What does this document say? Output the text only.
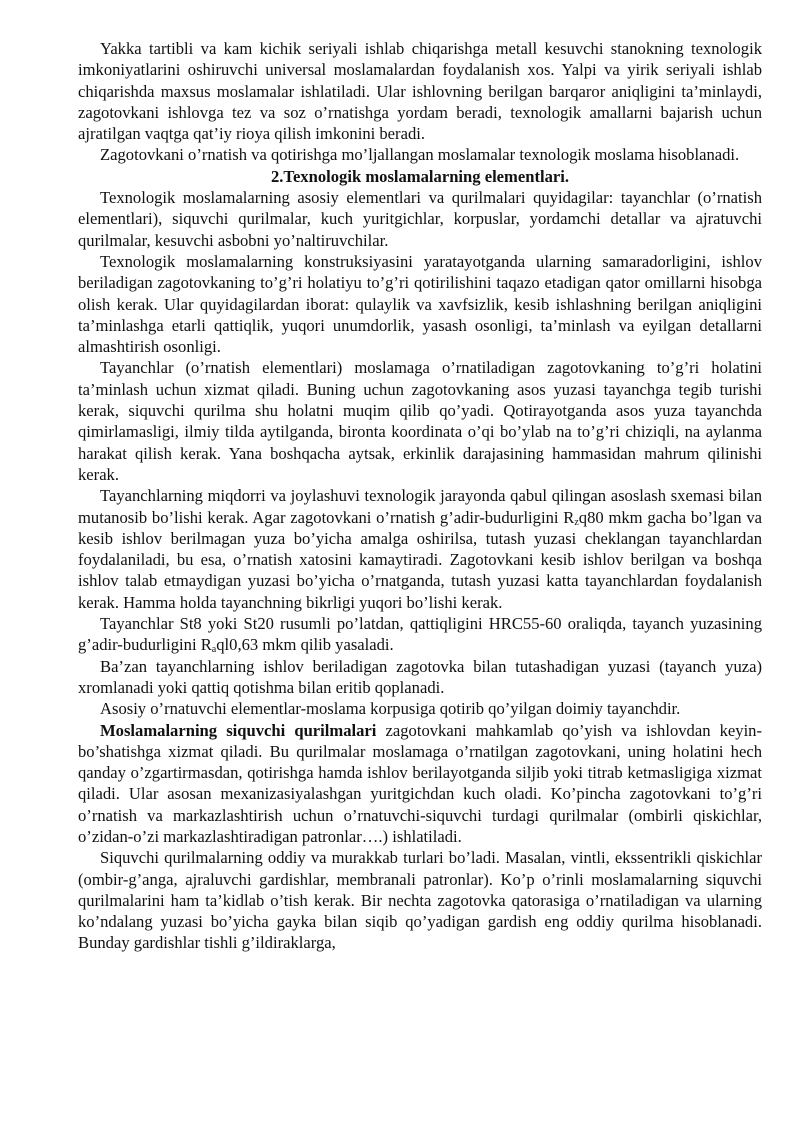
Yakka tartibli va kam kichik seriyali ishlab chiqarishga metall kesuvchi stanokning texnologik imkoniyatlarini oshiruvchi universal moslamalardan foydalanish xos. Yalpi va yirik seriyali ishlab chiqarishda maxsus moslamalar ishlatiladi. Ular ishlovning berilgan barqaror aniqligini ta’minlaydi, zagotovkani ishlovga tez va soz o’rnatishga yordam beradi, texnologik amallarni bajarish uchun ajratilgan vaqtga qat’iy rioya qilish imkonini beradi.

Zagotovkani o’rnatish va qotirishga mo’ljallangan moslamalar texnologik moslama hisoblanadi.

2.Texnologik moslamalarning elementlari.

Texnologik moslamalarning asosiy elementlari va qurilmalari quyidagilar: tayanchlar (o’rnatish elementlari), siquvchi qurilmalar, kuch yuritgichlar, korpuslar, yordamchi detallar va ajratuvchi qurilmalar, kesuvchi asbobni yo’naltiruvchilar.

Texnologik moslamalarning konstruksiyasini yaratayotganda ularning samaradorligini, ishlov beriladigan zagotovkaning to’g’ri holatiyu to’g’ri qotirilishini taqazo etadigan qator omillarni hisobga olish kerak. Ular quyidagilardan iborat: qulaylik va xavfsizlik, kesib ishlashning berilgan aniqligini ta’minlashga etarli qattiqlik, yuqori unumdorlik, yasash osonligi, ta’minlash va eyilgan detallarni almashtirish osonligi.

Tayanchlar (o’rnatish elementlari) moslamaga o’rnatiladigan zagotovkaning to’g’ri holatini ta’minlash uchun xizmat qiladi. Buning uchun zagotovkaning asos yuzasi tayanchga tegib turishi kerak, siquvchi qurilma shu holatni muqim qilib qo’yadi. Qotirayotganda asos yuza tayanchda qimirlamasligi, ilmiy tilda aytilganda, bironta koordinata o’qi bo’ylab na to’g’ri chiziqli, na aylanma harakat qilish kerak. Yana boshqacha aytsak, erkinlik darajasining hammasidan mahrum qilinishi kerak.

Tayanchlarning miqdorri va joylashuvi texnologik jarayonda qabul qilingan asoslash sxemasi bilan mutanosib bo’lishi kerak. Agar zagotovkani o’rnatish g’adir-budurligini $R_zq80$ mkm gacha bo’lgan va kesib ishlov berilmagan yuza bo’yicha amalga oshirilsa, tutash yuzasi cheklangan tayanchlardan foydalaniladi, bu esa, o’rnatish xatosini kamaytiradi. Zagotovkani kesib ishlov berilgan va boshqa ishlov talab etmaydigan yuzasi bo’yicha o’rnatganda, tutash yuzasi katta tayanchlardan foydalanish kerak. Hamma holda tayanchning bikrligi yuqori bo’lishi kerak.

Tayanchlar St8 yoki St20 rusumli po’latdan, qattiqligini HRC55-60 oraliqda, tayanch yuzasining g’adir-budurligini $R_aql0,63$ mkm qilib yasaladi.

Ba’zan tayanchlarning ishlov beriladigan zagotovka bilan tutashadigan yuzasi (tayanch yuza) xromlanadi yoki qattiq qotishma bilan eritib qoplanadi.

Asosiy o’rnatuvchi elementlar-moslama korpusiga qotirib qo’yilgan doimiy tayanchdir.

Moslamalarning siquvchi qurilmalari zagotovkani mahkamlab qo’yish va ishlovdan keyin-bo’shatishga xizmat qiladi. Bu qurilmalar moslamaga o’rnatilgan zagotovkani, uning holatini hech qanday o’zgartirmasdan, qotirishga hamda ishlov berilayotganda siljib yoki titrab ketmasligiga xizmat qiladi. Ular asosan mexanizasiyalashgan yuritgichdan kuch oladi. Ko’pincha zagotovkani to’g’ri o’rnatish va markazlashtirish uchun o’rnatuvchi-siquvchi turdagi qurilmalar (ombirli qiskichlar, o’zidan-o’zi markazlashtiradigan patronlar….) ishlatiladi.

Siquvchi qurilmalarning oddiy va murakkab turlari bo’ladi. Masalan, vintli, ekssentrikli qiskichlar (ombir-g’anga, ajraluvchi gardishlar, membranali patronlar). Ko’p o’rinli moslamalarning siquvchi qurilmalarini ham ta’kidlab o’tish kerak. Bir nechta zagotovka qatorasiga o’rnatiladigan va ularning ko’ndalang yuzasi bo’yicha gayka bilan siqib qo’yadigan gardish eng oddiy qurilma hisoblanadi. Bunday gardishlar tishli g’ildiraklarga,
